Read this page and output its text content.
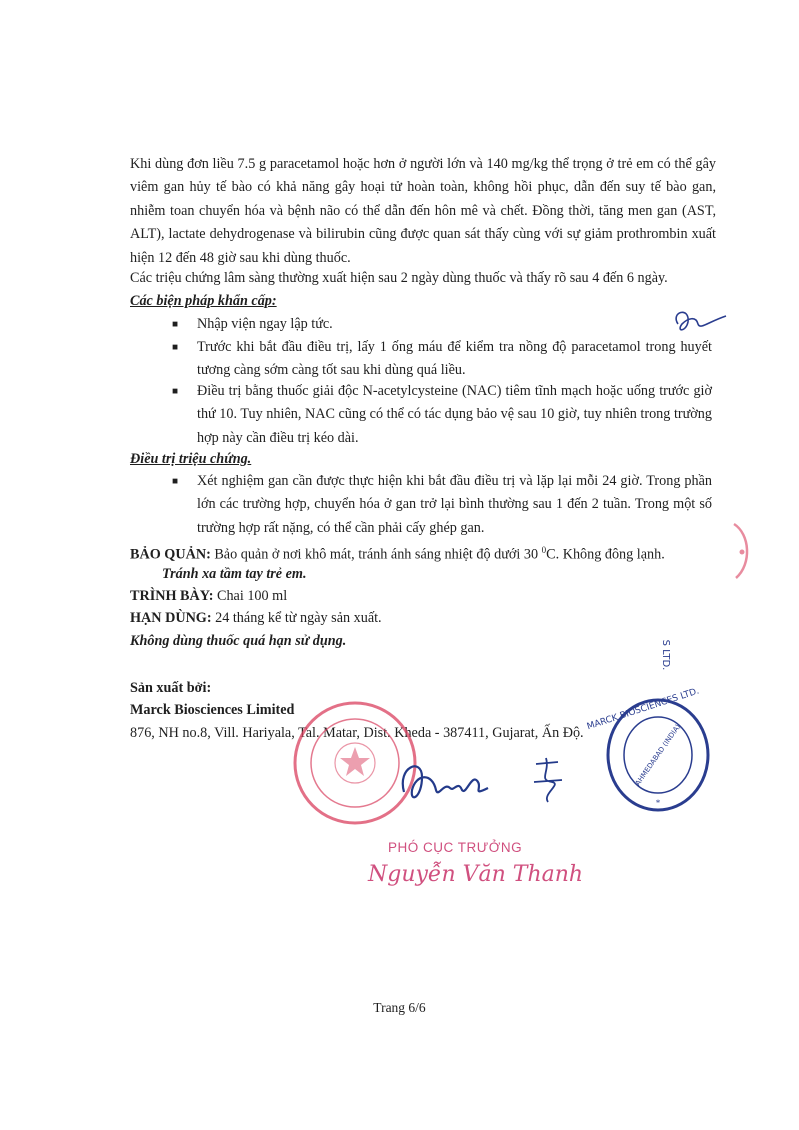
Khi dùng đơn liều 7.5 g paracetamol hoặc hơn ở người lớn và 140 mg/kg thể trọng ở trẻ em có thể gây viêm gan hủy tế bào có khả năng gây hoại tử hoàn toàn, không hồi phục, dẫn đến suy tế bào gan, nhiễm toan chuyển hóa và bệnh não có thể dẫn đến hôn mê và chết. Đồng thời, tăng men gan (AST, ALT), lactate dehydrogenase và bilirubin cũng được quan sát thấy cùng với sự giảm prothrombin xuất hiện 12 đến 48 giờ sau khi dùng thuốc.

Các triệu chứng lâm sàng thường xuất hiện sau 2 ngày dùng thuốc và thấy rõ sau 4 đến 6 ngày.
Các biện pháp khẩn cấp:
■ Nhập viện ngay lập tức.

■ Trước khi bắt đầu điều trị, lấy 1 ống máu để kiểm tra nồng độ paracetamol trong huyết tương càng sớm càng tốt sau khi dùng quá liều.

■ Điều trị bằng thuốc giải độc N-acetylcysteine (NAC) tiêm tĩnh mạch hoặc uống trước giờ thứ 10. Tuy nhiên, NAC cũng có thể có tác dụng bảo vệ sau 10 giờ, tuy nhiên trong trường hợp này cần điều trị kéo dài.

Điều trị triệu chứng.
■ Xét nghiệm gan cần được thực hiện khi bắt đầu điều trị và lặp lại mỗi 24 giờ. Trong phần lớn các trường hợp, chuyển hóa ở gan trở lại bình thường sau 1 đến 2 tuần. Trong một số trường hợp rất nặng, có thể cần phải cấy ghép gan.

BẢO QUẢN: Bảo quản ở nơi khô mát, tránh ánh sáng nhiệt độ dưới 30 $^0$C. Không đông lạnh.
Tránh xa tầm tay trẻ em.
TRÌNH BÀY: Chai 100 ml
HẠN DÙNG: 24 tháng kể từ ngày sản xuất.
Không dùng thuốc quá hạn sử dụng.
Sản xuất bởi:
Marck Biosciences Limited
876, NH no.8, Vill. Hariyala, Tal. Matar, Dist. Kheda - 387411, Gujarat, Ấn Độ.
MARCK BIOSCIENCES LTD.
AHMEDABAD (INDIA)
*
S LTD.
PHÓ CỤC TRƯỞNG
Nguyễn Văn Thanh
Trang 6/6
